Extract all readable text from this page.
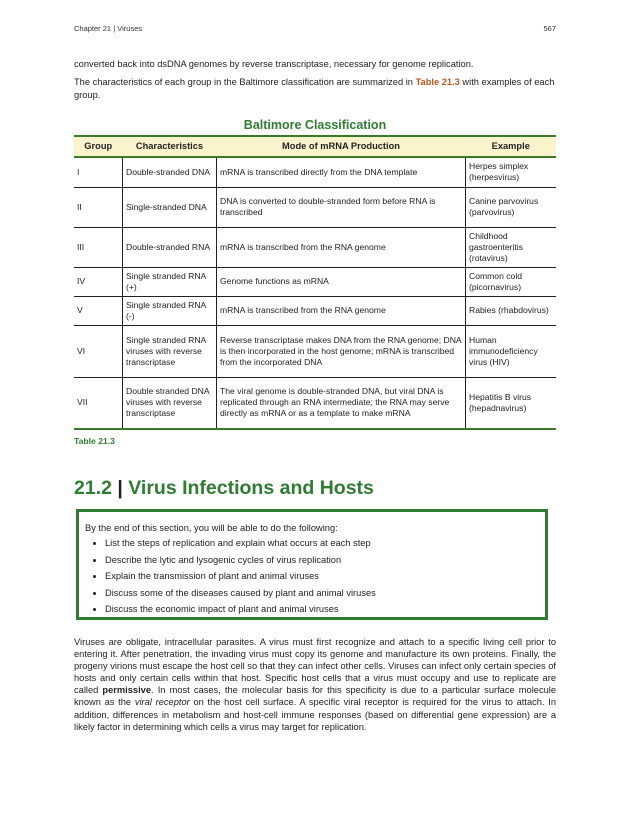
Chapter 21 | Viruses	567
converted back into dsDNA genomes by reverse transcriptase, necessary for genome replication.
The characteristics of each group in the Baltimore classification are summarized in Table 21.3 with examples of each group.
Baltimore Classification
Group	Characteristics	Mode of mRNA Production	Example
I	Double-stranded DNA	mRNA is transcribed directly from the DNA template	Herpes simplex (herpesvirus)
II	Single-stranded DNA	DNA is converted to double-stranded form before RNA is transcribed	Canine parvovirus (parvovirus)
III	Double-stranded RNA	mRNA is transcribed from the RNA genome	Childhood gastroenteritis (rotavirus)
IV	Single stranded RNA (+)	Genome functions as mRNA	Common cold (picornavirus)
V	Single stranded RNA (-)	mRNA is transcribed from the RNA genome	Rabies (rhabdovirus)
VI	Single stranded RNA viruses with reverse transcriptase	Reverse transcriptase makes DNA from the RNA genome; DNA is then incorporated in the host genome; mRNA is transcribed from the incorporated DNA	Human immunodeficiency virus (HIV)
VII	Double stranded DNA viruses with reverse transcriptase	The viral genome is double-stranded DNA, but viral DNA is replicated through an RNA intermediate; the RNA may serve directly as mRNA or as a template to make mRNA	Hepatitis B virus (hepadnavirus)
Table 21.3
21.2 | Virus Infections and Hosts
By the end of this section, you will be able to do the following:
• List the steps of replication and explain what occurs at each step
• Describe the lytic and lysogenic cycles of virus replication
• Explain the transmission of plant and animal viruses
• Discuss some of the diseases caused by plant and animal viruses
• Discuss the economic impact of plant and animal viruses
Viruses are obligate, intracellular parasites. A virus must first recognize and attach to a specific living cell prior to entering it. After penetration, the invading virus must copy its genome and manufacture its own proteins. Finally, the progeny virions must escape the host cell so that they can infect other cells. Viruses can infect only certain species of hosts and only certain cells within that host. Specific host cells that a virus must occupy and use to replicate are called permissive. In most cases, the molecular basis for this specificity is due to a particular surface molecule known as the viral receptor on the host cell surface. A specific viral receptor is required for the virus to attach. In addition, differences in metabolism and host-cell immune responses (based on differential gene expression) are a likely factor in determining which cells a virus may target for replication.
